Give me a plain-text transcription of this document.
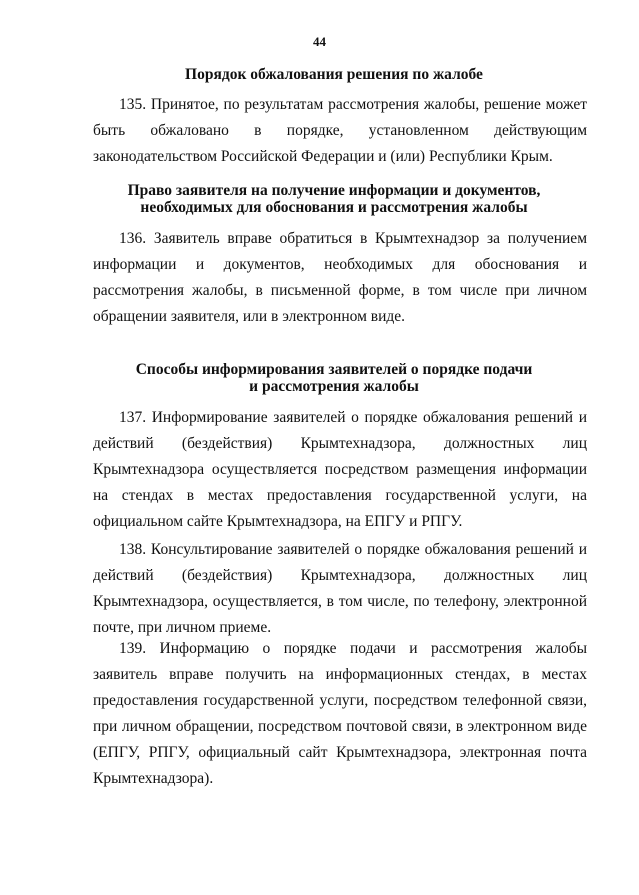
44
Порядок обжалования решения по жалобе
135. Принятое, по результатам рассмотрения жалобы, решение может быть обжаловано в порядке, установленном действующим законодательством Российской Федерации и (или) Республики Крым.
Право заявителя на получение информации и документов,
необходимых для обоснования и рассмотрения жалобы
136. Заявитель вправе обратиться в Крымтехнадзор за получением информации и документов, необходимых для обоснования и рассмотрения жалобы, в письменной форме, в том числе при личном обращении заявителя, или в электронном виде.
Способы информирования заявителей о порядке подачи
и рассмотрения жалобы
137. Информирование заявителей о порядке обжалования решений и действий (бездействия) Крымтехнадзора, должностных лиц Крымтехнадзора осуществляется посредством размещения информации на стендах в местах предоставления государственной услуги, на официальном сайте Крымтехнадзора, на ЕПГУ и РПГУ.
138. Консультирование заявителей о порядке обжалования решений и действий (бездействия) Крымтехнадзора, должностных лиц Крымтехнадзора, осуществляется, в том числе, по телефону, электронной почте, при личном приеме.
139. Информацию о порядке подачи и рассмотрения жалобы заявитель вправе получить на информационных стендах, в местах предоставления государственной услуги, посредством телефонной связи, при личном обращении, посредством почтовой связи, в электронном виде (ЕПГУ, РПГУ, официальный сайт Крымтехнадзора, электронная почта Крымтехнадзора).
